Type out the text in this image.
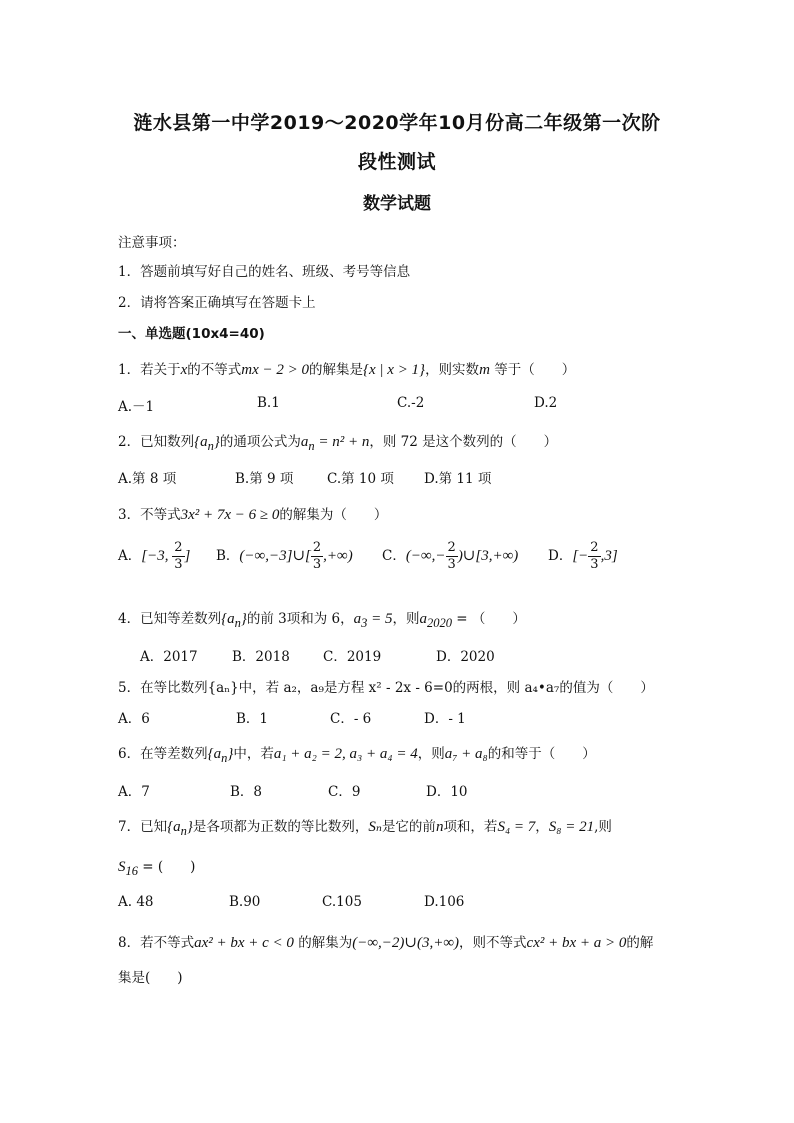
涟水县第一中学2019～2020学年10月份高二年级第一次阶
段性测试
数学试题
注意事项：
1．答题前填写好自己的姓名、班级、考号等信息
2．请将答案正确填写在答题卡上
一、单选题(10x4=40)
1．若关于x的不等式mx − 2 > 0的解集是{x | x > 1}，则实数m 等于（　　）
A.－1	B.1	C.-2	D.2
2．已知数列$\{a_n\}$的通项公式为$a_n = n^2 + n$，则 72 是这个数列的（　　）
A.第 8 项	B.第 9 项 C.第 10 项 D.第 11 项
3．不等式3x² + 7x − 6 ≥ 0的解集为（　　）
A．[−3, $\frac{2}{3}$ ] B．(−∞,−3]∪[ $\frac{2}{3}$ ,+∞) C．(−∞,− $\frac{2}{3}$ )∪[3,+∞) D．[− $\frac{2}{3} ,3$]
4．已知等差数列$\{a_n\}$的前 3项和为 6，$a_3 = 5$，则$a_{2020}$ = （　　）
A．2017	B．2018 C．2019	D．2020
5．在等比数列{aₙ}中，若 a₂，a₉是方程 x² - 2x - 6=0的两根，则 a₄•a₇的值为（　　）
A．6	B．1	C．- 6	D．- 1
6．在等差数列$\{a_n\}$中，若a₁ + a₂ = 2, a₃ + a₄ = 4，则a₇ + a₈的和等于（　　）
A．7	B．8	C．9	D．10
7．已知$\{a_n\}$是各项都为正数的等比数列，Sₙ是它的前n项和，若S₄ = 7，S₈ = 21,则
$S_{16}$ = (　　)
A. 48	B.90	C.105	D.106
8．若不等式ax² + bx + c < 0 的解集为(−∞,−2)∪(3,+∞)，则不等式cx² + bx + a > 0的解
集是(　　)
